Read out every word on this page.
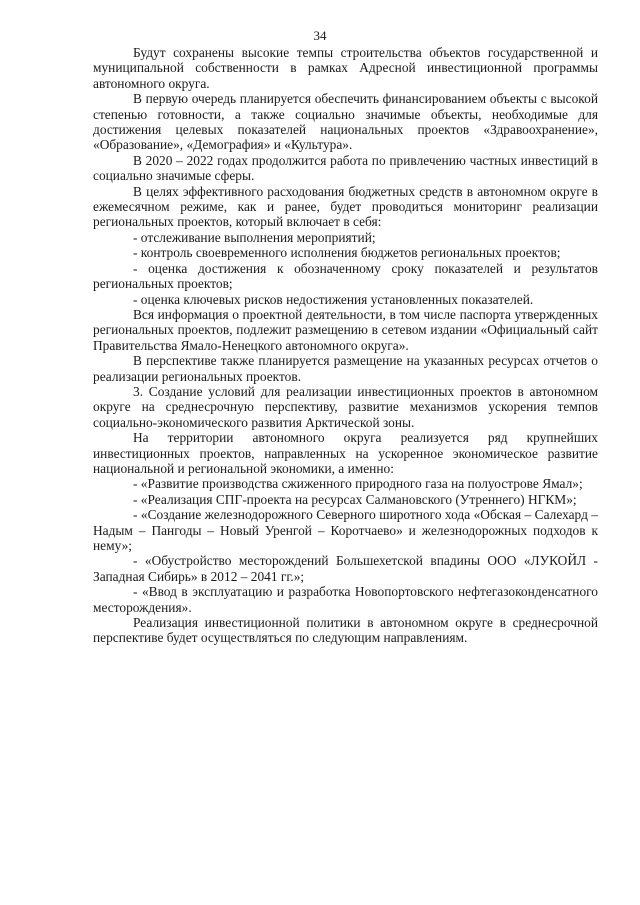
34

Будут сохранены высокие темпы строительства объектов государственной и муниципальной собственности в рамках Адресной инвестиционной программы автономного округа.

В первую очередь планируется обеспечить финансированием объекты с высокой степенью готовности, а также социально значимые объекты, необходимые для достижения целевых показателей национальных проектов «Здравоохранение», «Образование», «Демография» и «Культура».

В 2020 – 2022 годах продолжится работа по привлечению частных инвестиций в социально значимые сферы.

В целях эффективного расходования бюджетных средств в автономном округе в ежемесячном режиме, как и ранее, будет проводиться мониторинг реализации региональных проектов, который включает в себя:

- отслеживание выполнения мероприятий;

- контроль своевременного исполнения бюджетов региональных проектов;

- оценка достижения к обозначенному сроку показателей и результатов региональных проектов;

- оценка ключевых рисков недостижения установленных показателей.

Вся информация о проектной деятельности, в том числе паспорта утвержденных региональных проектов, подлежит размещению в сетевом издании «Официальный сайт Правительства Ямало-Ненецкого автономного округа».

В перспективе также планируется размещение на указанных ресурсах отчетов о реализации региональных проектов.

3. Создание условий для реализации инвестиционных проектов в автономном округе на среднесрочную перспективу, развитие механизмов ускорения темпов социально-экономического развития Арктической зоны.

На территории автономного округа реализуется ряд крупнейших инвестиционных проектов, направленных на ускоренное экономическое развитие национальной и региональной экономики, а именно:

- «Развитие производства сжиженного природного газа на полуострове Ямал»;

- «Реализация СПГ-проекта на ресурсах Салмановского (Утреннего) НГКМ»;

- «Создание железнодорожного Северного широтного хода «Обская – Салехард – Надым – Пангоды – Новый Уренгой – Коротчаево» и железнодорожных подходов к нему»;

- «Обустройство месторождений Большехетской впадины ООО «ЛУКОЙЛ - Западная Сибирь» в 2012 – 2041 гг.»;

- «Ввод в эксплуатацию и разработка Новопортовского нефтегазоконденсатного месторождения».

Реализация инвестиционной политики в автономном округе в среднесрочной перспективе будет осуществляться по следующим направлениям.
